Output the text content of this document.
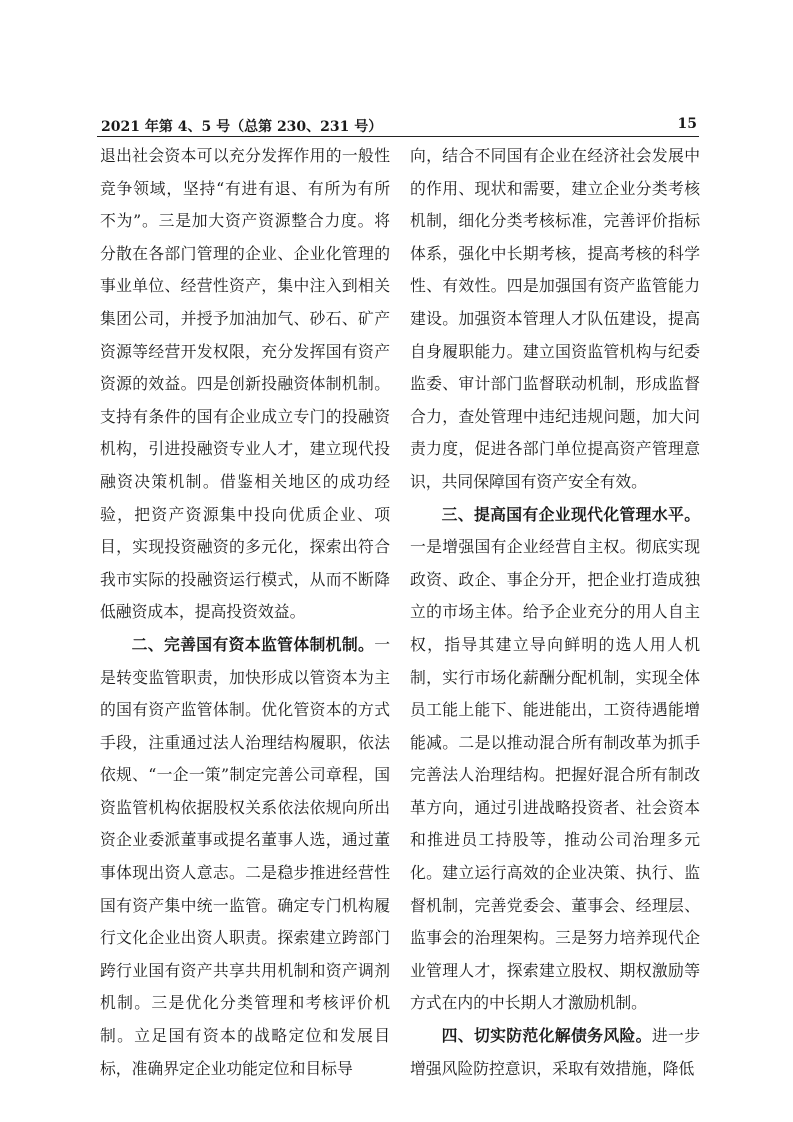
2021 年第 4、5 号（总第 230、231 号）	15

退出社会资本可以充分发挥作用的一般性竞争领域，坚持“有进有退、有所为有所不为”。三是加大资产资源整合力度。将分散在各部门管理的企业、企业化管理的事业单位、经营性资产，集中注入到相关集团公司，并授予加油加气、砂石、矿产资源等经营开发权限，充分发挥国有资产资源的效益。四是创新投融资体制机制。支持有条件的国有企业成立专门的投融资机构，引进投融资专业人才，建立现代投融资决策机制。借鉴相关地区的成功经验，把资产资源集中投向优质企业、项目，实现投资融资的多元化，探索出符合我市实际的投融资运行模式，从而不断降低融资成本，提高投资效益。

二、完善国有资本监管体制机制。一是转变监管职责，加快形成以管资本为主的国有资产监管体制。优化管资本的方式手段，注重通过法人治理结构履职，依法依规、“一企一策”制定完善公司章程，国资监管机构依据股权关系依法依规向所出资企业委派董事或提名董事人选，通过董事体现出资人意志。二是稳步推进经营性国有资产集中统一监管。确定专门机构履行文化企业出资人职责。探索建立跨部门跨行业国有资产共享共用机制和资产调剂机制。三是优化分类管理和考核评价机制。立足国有资本的战略定位和发展目标，准确界定企业功能定位和目标导

向，结合不同国有企业在经济社会发展中的作用、现状和需要，建立企业分类考核机制，细化分类考核标准，完善评价指标体系，强化中长期考核，提高考核的科学性、有效性。四是加强国有资产监管能力建设。加强资本管理人才队伍建设，提高自身履职能力。建立国资监管机构与纪委监委、审计部门监督联动机制，形成监督合力，查处管理中违纪违规问题，加大问责力度，促进各部门单位提高资产管理意识，共同保障国有资产安全有效。

三、提高国有企业现代化管理水平。一是增强国有企业经营自主权。彻底实现政资、政企、事企分开，把企业打造成独立的市场主体。给予企业充分的用人自主权，指导其建立导向鲜明的选人用人机制，实行市场化薪酬分配机制，实现全体员工能上能下、能进能出，工资待遇能增能减。二是以推动混合所有制改革为抓手完善法人治理结构。把握好混合所有制改革方向，通过引进战略投资者、社会资本和推进员工持股等，推动公司治理多元化。建立运行高效的企业决策、执行、监督机制，完善党委会、董事会、经理层、监事会的治理架构。三是努力培养现代企业管理人才，探索建立股权、期权激励等方式在内的中长期人才激励机制。

四、切实防范化解债务风险。进一步增强风险防控意识，采取有效措施，降低
